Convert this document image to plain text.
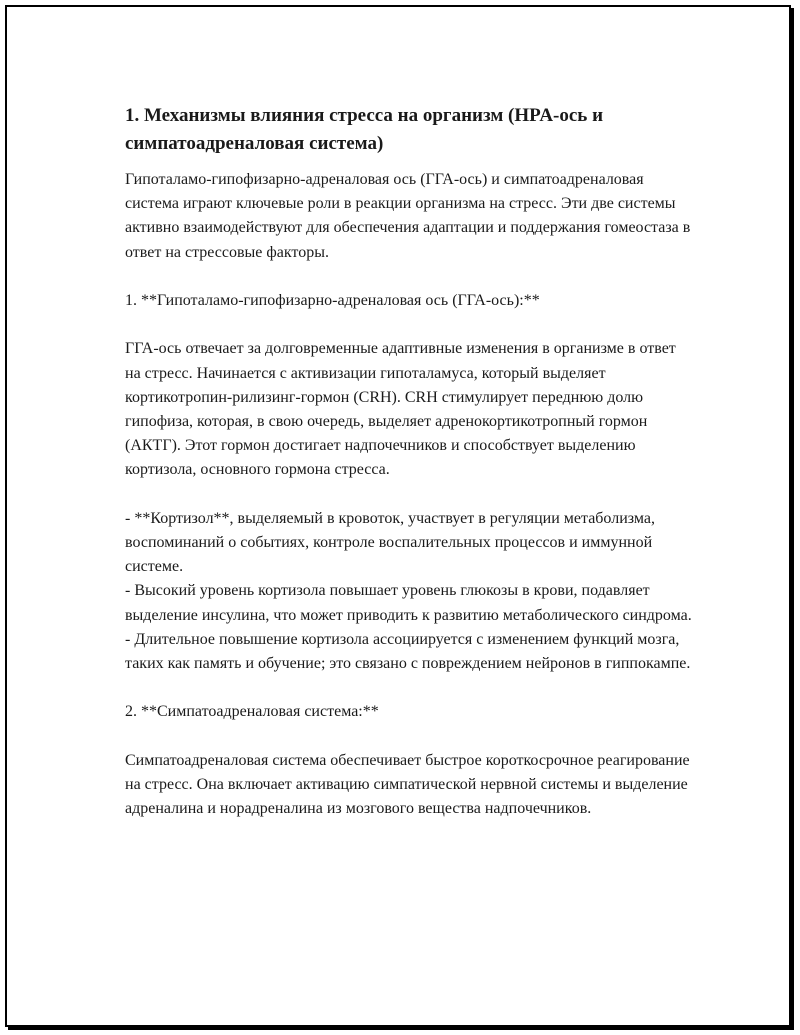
1. Механизмы влияния стресса на организм (HPA-ось и симпатоадреналовая система)

Гипоталамо-гипофизарно-адреналовая ось (ГГА-ось) и симпатоадреналовая система играют ключевые роли в реакции организма на стресс. Эти две системы активно взаимодействуют для обеспечения адаптации и поддержания гомеостаза в ответ на стрессовые факторы.

1. **Гипоталамо-гипофизарно-адреналовая ось (ГГА-ось):**

ГГА-ось отвечает за долговременные адаптивные изменения в организме в ответ на стресс. Начинается с активизации гипоталамуса, который выделяет кортикотропин-рилизинг-гормон (CRH). CRH стимулирует переднюю долю гипофиза, которая, в свою очередь, выделяет адренокортикотропный гормон (АКТГ). Этот гормон достигает надпочечников и способствует выделению кортизола, основного гормона стресса.

- **Кортизол**, выделяемый в кровоток, участвует в регуляции метаболизма, воспоминаний о событиях, контроле воспалительных процессов и иммунной системе.

- Высокий уровень кортизола повышает уровень глюкозы в крови, подавляет выделение инсулина, что может приводить к развитию метаболического синдрома.

- Длительное повышение кортизола ассоциируется с изменением функций мозга, таких как память и обучение; это связано с повреждением нейронов в гиппокампе.

2. **Симпатоадреналовая система:**

Симпатоадреналовая система обеспечивает быстрое короткосрочное реагирование на стресс. Она включает активацию симпатической нервной системы и выделение адреналина и норадреналина из мозгового вещества надпочечников.
